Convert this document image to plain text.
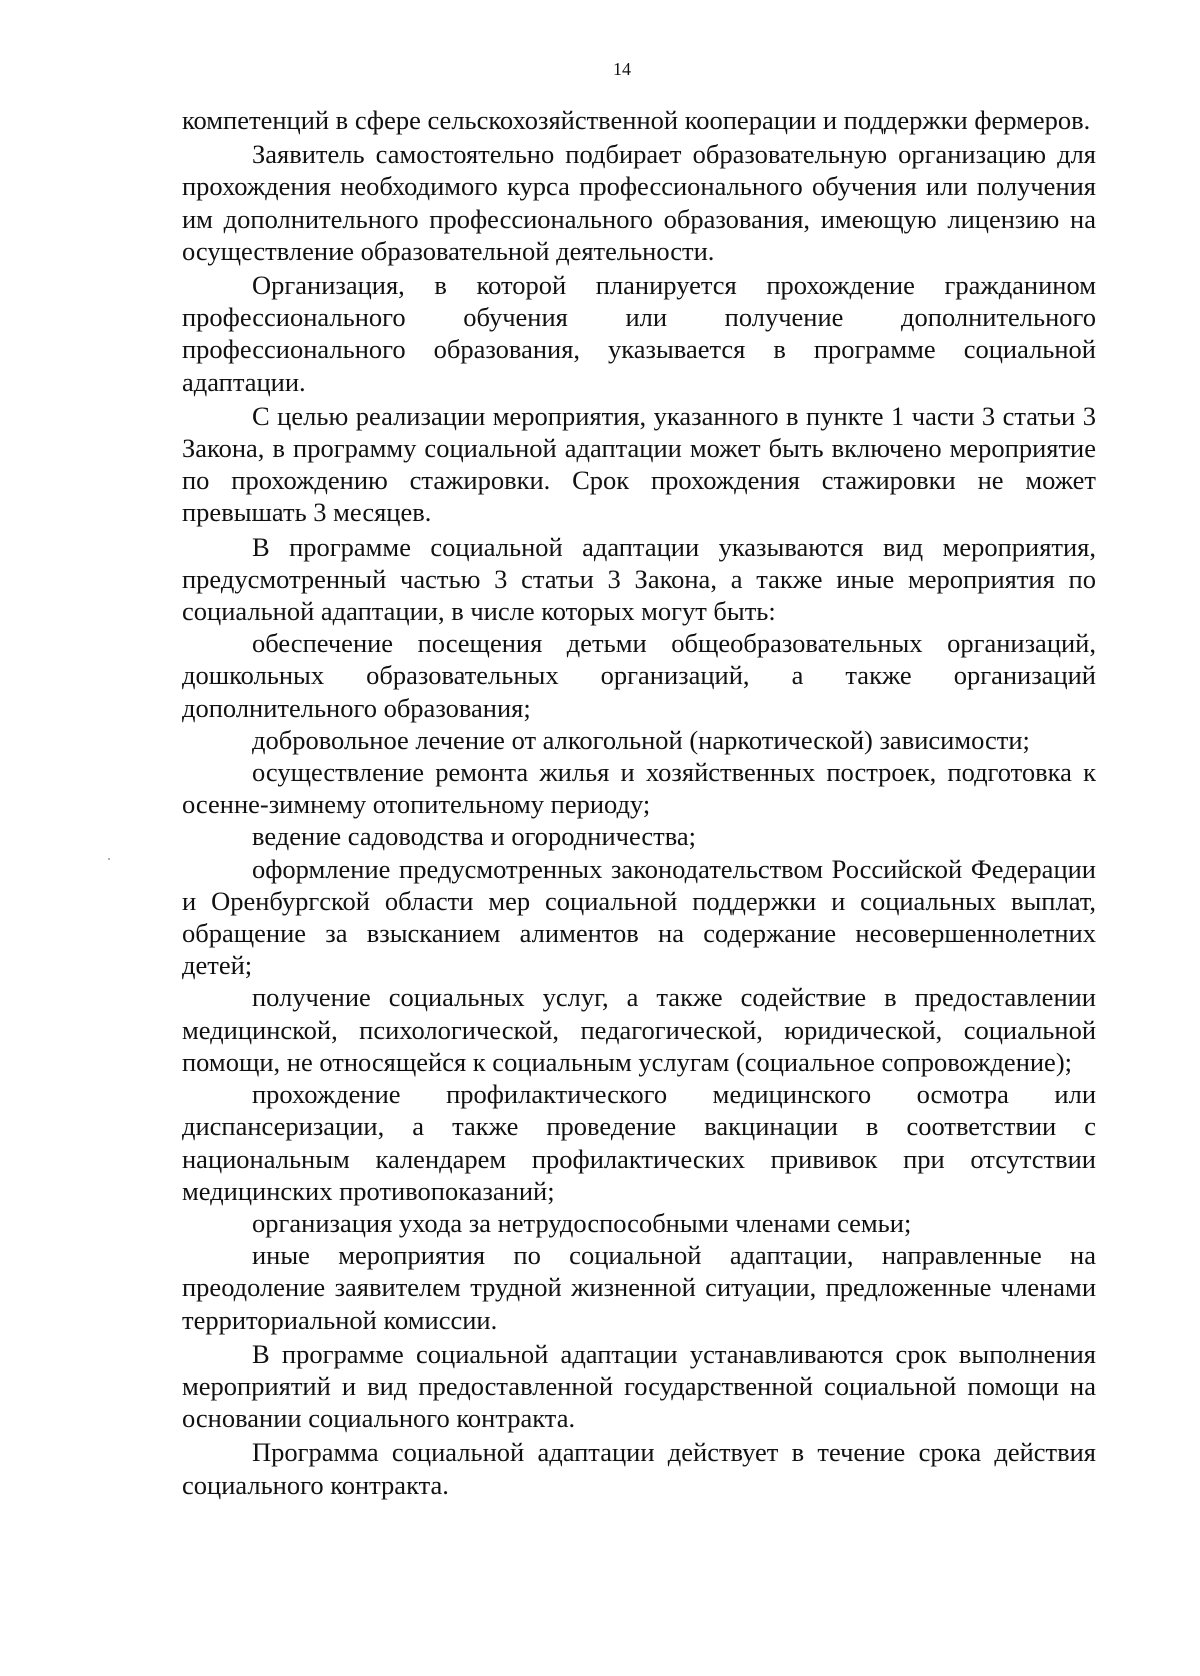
14

компетенций в сфере сельскохозяйственной кооперации и поддержки фермеров.

Заявитель самостоятельно подбирает образовательную организацию для прохождения необходимого курса профессионального обучения или получения им дополнительного профессионального образования, имеющую лицензию на осуществление образовательной деятельности.

Организация, в которой планируется прохождение гражданином профессионального обучения или получение дополнительного профессионального образования, указывается в программе социальной адаптации.

С целью реализации мероприятия, указанного в пункте 1 части 3 статьи 3 Закона, в программу социальной адаптации может быть включено мероприятие по прохождению стажировки. Срок прохождения стажировки не может превышать 3 месяцев.

В программе социальной адаптации указываются вид мероприятия, предусмотренный частью 3 статьи 3 Закона, а также иные мероприятия по социальной адаптации, в числе которых могут быть:

обеспечение посещения детьми общеобразовательных организаций, дошкольных образовательных организаций, а также организаций дополнительного образования;

добровольное лечение от алкогольной (наркотической) зависимости;

осуществление ремонта жилья и хозяйственных построек, подготовка к осенне-зимнему отопительному периоду;

ведение садоводства и огородничества;

оформление предусмотренных законодательством Российской Федерации и Оренбургской области мер социальной поддержки и социальных выплат, обращение за взысканием алиментов на содержание несовершеннолетних детей;

получение социальных услуг, а также содействие в предоставлении медицинской, психологической, педагогической, юридической, социальной помощи, не относящейся к социальным услугам (социальное сопровождение);

прохождение профилактического медицинского осмотра или диспансеризации, а также проведение вакцинации в соответствии с национальным календарем профилактических прививок при отсутствии медицинских противопоказаний;

организация ухода за нетрудоспособными членами семьи;

иные мероприятия по социальной адаптации, направленные на преодоление заявителем трудной жизненной ситуации, предложенные членами территориальной комиссии.

В программе социальной адаптации устанавливаются срок выполнения мероприятий и вид предоставленной государственной социальной помощи на основании социального контракта.

Программа социальной адаптации действует в течение срока действия социального контракта.
